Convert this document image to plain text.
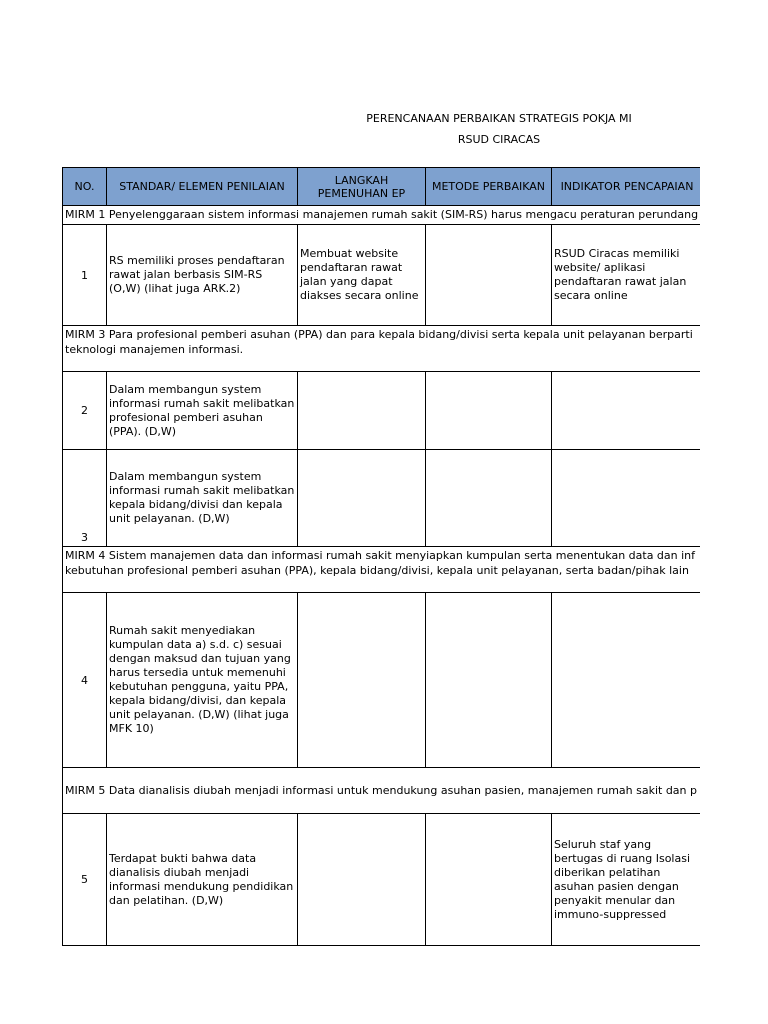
PERENCANAAN PERBAIKAN STRATEGIS POKJA MI
RSUD CIRACAS
NO.	STANDAR/ ELEMEN PENILAIAN	LANGKAH PEMENUHAN EP	METODE PERBAIKAN	INDIKATOR PENCAPAIAN

MIRM 1 Penyelenggaraan sistem informasi manajemen rumah sakit (SIM-RS) harus mengacu peraturan perundang				

1	RS memiliki proses pendaftaran rawat jalan berbasis SIM-RS (O,W) (lihat juga ARK.2)	Membuat website pendaftaran rawat jalan yang dapat diakses secara online		RSUD Ciracas memiliki website/ aplikasi pendaftaran rawat jalan secara online

MIRM 3 Para profesional pemberi asuhan (PPA) dan para kepala bidang/divisi serta kepala unit pelayanan berparti
teknologi manajemen informasi.				

2	Dalam membangun system informasi rumah sakit melibatkan profesional pemberi asuhan (PPA). (D,W)			
3	Dalam membangun system informasi rumah sakit melibatkan kepala bidang/divisi dan kepala unit pelayanan. (D,W)			

MIRM 4 Sistem manajemen data dan informasi rumah sakit menyiapkan kumpulan serta menentukan data dan inf
kebutuhan profesional pemberi asuhan (PPA), kepala bidang/divisi, kepala unit pelayanan, serta badan/pihak lain				

4	Rumah sakit menyediakan kumpulan data a) s.d. c) sesuai dengan maksud dan tujuan yang harus tersedia untuk memenuhi kebutuhan pengguna, yaitu PPA, kepala bidang/divisi, dan kepala unit pelayanan. (D,W) (lihat juga MFK 10)			

MIRM 5 Data dianalisis diubah menjadi informasi untuk mendukung asuhan pasien, manajemen rumah sakit dan p				

5	Terdapat bukti bahwa data dianalisis diubah menjadi informasi mendukung pendidikan dan pelatihan. (D,W)			Seluruh staf yang bertugas di ruang Isolasi diberikan pelatihan asuhan pasien dengan penyakit menular dan immuno-suppressed
